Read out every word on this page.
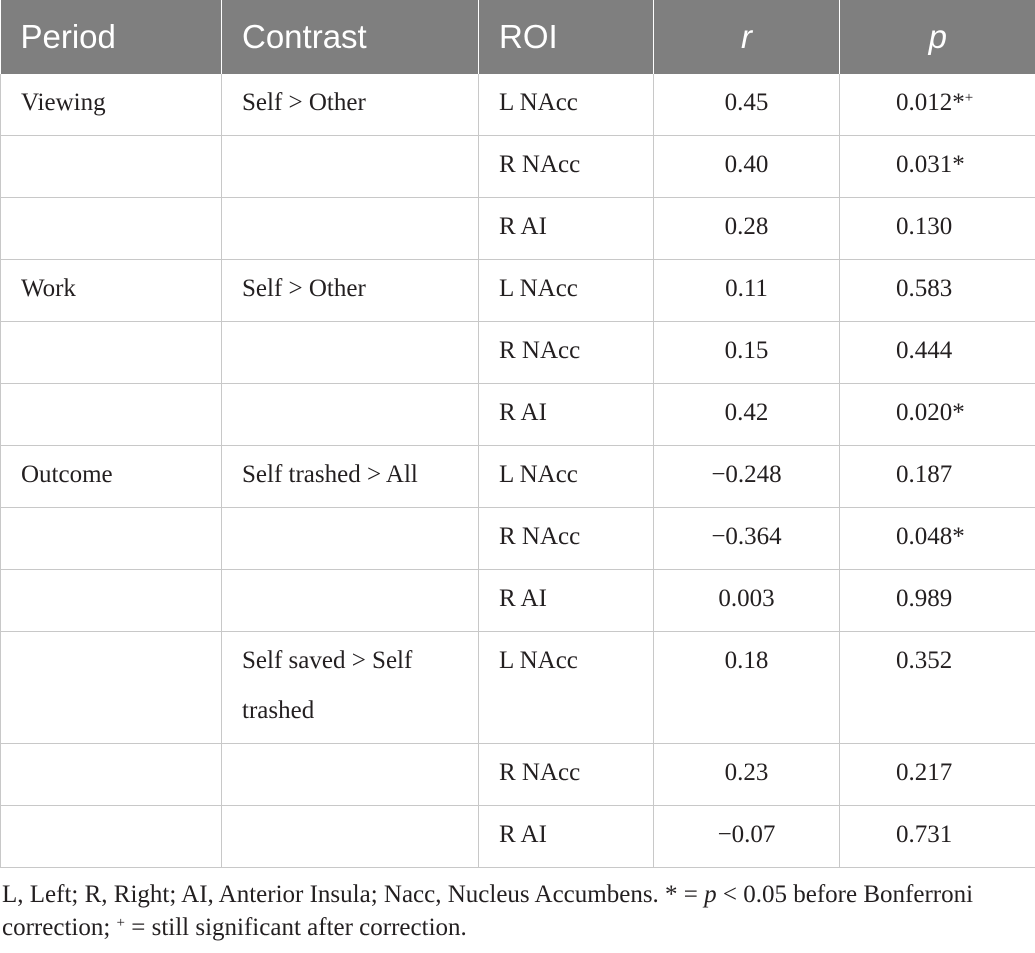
Period	Contrast	ROI	r	p
Viewing	Self > Other	L NAcc	0.45	0.012*+
		R NAcc	0.40	0.031*
		R AI	0.28	0.130
Work	Self > Other	L NAcc	0.11	0.583
		R NAcc	0.15	0.444
		R AI	0.42	0.020*
Outcome	Self trashed > All	L NAcc	−0.248	0.187
		R NAcc	−0.364	0.048*
		R AI	0.003	0.989
	Self saved > Self trashed	L NAcc	0.18	0.352
		R NAcc	0.23	0.217
		R AI	−0.07	0.731
L, Left; R, Right; AI, Anterior Insula; Nacc, Nucleus Accumbens. * = p < 0.05 before Bonferroni correction; + = still significant after correction.
